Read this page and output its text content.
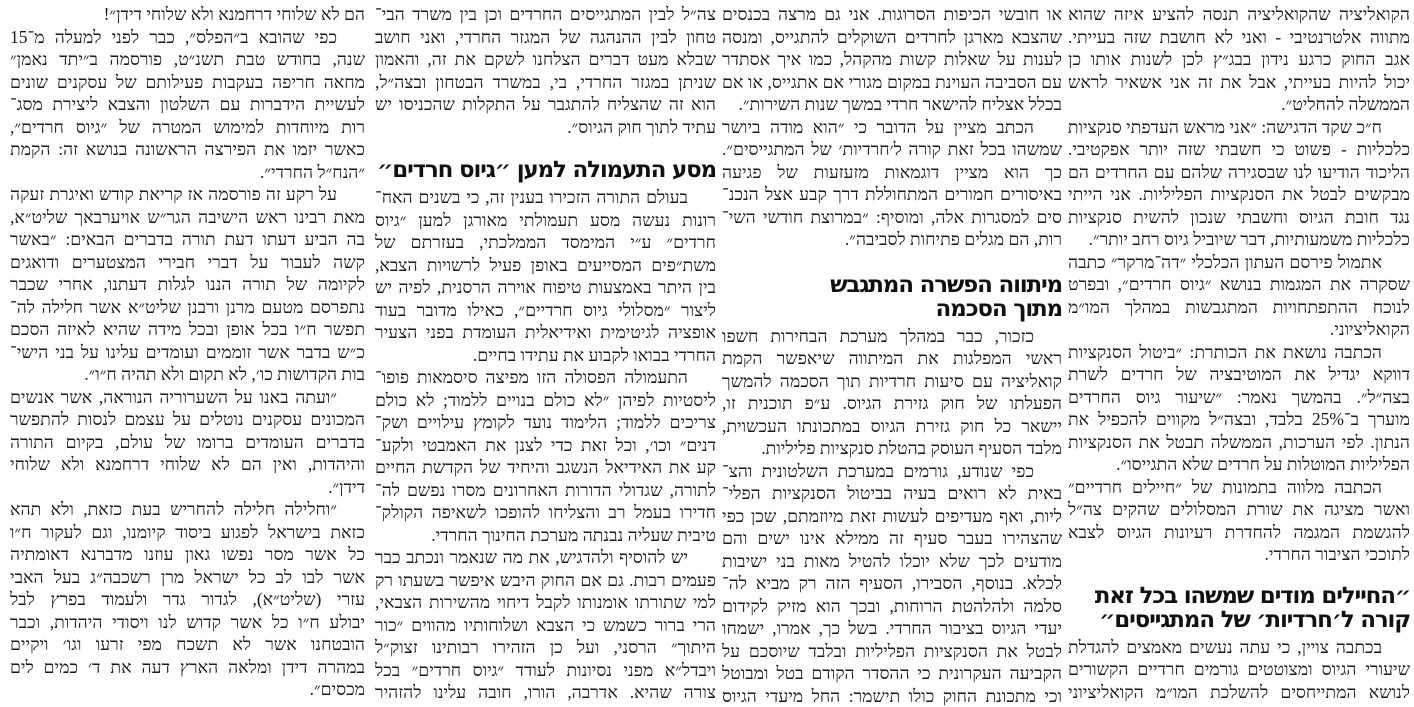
הקואליציה שהקואליציה תנסה להציע איזה שהוא
מתווה אלטרנטיבי - ואני לא חושבת שזה בעייתי.
אגב החוק כרגע נידון בבג״ץ לכן לשנות אותו כן
יכול להיות בעייתי, אבל את זה אני אשאיר לראש
הממשלה להחליט״.
ח״כ שקד הדגישה: ״אני מראש העדפתי סנקציות
כלכליות - פשוט כי חשבתי שזה יותר אפקטיבי.
הליכוד הודיעו לנו שבסגירה שלהם עם החרדים הם
מבקשים לבטל את הסנקציות הפליליות. אני הייתי
נגד חובת הגיוס וחשבתי שנכון להשית סנקציות
כלכליות משמעותיות, דבר שיוביל גיוס רחב יותר״.
אתמול פירסם העתון הכלכלי ״דה־מרקר״ כתבה
שסקרה את המגמות בנושא ״גיוס חרדים״, ובפרט
לנוכח ההתפתחויות המתגבשות במהלך המו״מ
הקואליציוני.
הכתבה נושאת את הכותרת: ״ביטול הסנקציות
דווקא יגדיל את המוטיבציה של חרדים לשרת
בצה״ל״. בהמשך נאמר: ״שיעור גיוס החרדים
מוערך ב־25% בלבד, ובצה״ל מקווים להכפיל את
הנתון. לפי הערכות, הממשלה תבטל את הסנקציות
הפליליות המוטלות על חרדים שלא התגייסו״.
הכתבה מלווה בתמונות של ״חיילים חרדיים״
ואשר מציגה את שורת המסלולים שהקים צה״ל
להגשמת המגמה להחדרת רעיונות הגיוס לצבא
לתוככי הציבור החרדי.
״החיילים מודים שמשהו בכל זאת
קורה ל׳חרדיות׳ של המתגייסים״
בכתבה צויין, כי עתה נעשים מאמצים להגדלת
שיעורי הגיוס ומצוטטים גורמים חרדיים הקשורים
לנושא המתייחסים להשלכת המו״מ הקואליציוני
או חובשי הכיפות הסרוגות. אני גם מרצה בכנסים
שהצבא מארגן לחרדים השוקלים להתגייס, ומנסה
לענות על שאלות קשות מהקהל, כמו איך אסתדר
עם הסביבה העוינת במקום מגורי אם אתגייס, או אם
בכלל אצליח להישאר חרדי במשך שנות השירות״.
הכתב מציין על הדובר כי ״הוא מודה ביושר
שמשהו בכל זאת קורה ל׳חרדיות׳ של המתגייסים״.
כך הוא מציין דוגמאות מזעזעות של פגיעה
באיסורים חמורים המתחוללת דרך קבע אצל הנכנ־
סים למסגרות אלה, ומוסיף: ״במרוצת חודשי השי־
רות, הם מגלים פתיחות לסביבה״.
מיתווה הפשרה המתגבש
מתוך הסכמה
כזכור, כבר במהלך מערכת הבחירות חשפו
ראשי המפלגות את המיתווה שיאפשר הקמת
קואליציה עם סיעות חרדיות תוך הסכמה להמשך
הפעלתו של חוק גזירת הגיוס. ע״פ תוכנית זו,
יישאר כל חוק גזירת הגיוס במתכונתו העכשוית,
מלבד הסעיף העוסק בהטלת סנקציות פליליות.
כפי שנודע, גורמים במערכת השלטונית והצ־
באית לא רואים בעיה בביטול הסנקציות הפלי־
ליות, ואף מעדיפים לעשות זאת מיוזמתם, שכן כפי
שהצהירו בעבר סעיף זה ממילא אינו ישים והם
מודעים לכך שלא יוכלו להטיל מאות בני ישיבות
לכלא. בנוסף, הסבירו, הסעיף הזה רק מביא לה־
סלמה ולהלהטת הרוחות, ובכך הוא מזיק לקידום
יעדי הגיוס בציבור החרדי. בשל כך, אמרו, ישמחו
לבטל את הסנקציות הפליליות ובלבד שיוסכם על
הקביעה העקרונית כי ההסדר הקודם בטל ומבוטל
וכי מתכונת החוק כולו תישמר: החל מיעדי הגיוס
צה״ל לבין המתגייסים החרדים וכן בין משרד הבי־
טחון לבין ההנהגה של המגזר החרדי, ואני חושב
שבלא מעט דברים הצלחנו לשקם את זה, והאמון
שניתן במגזר החרדי, בי, במשרד הבטחון ובצה״ל,
הוא זה שהצליח להתגבר על התקלות שהכניסו יש
עתיד לתוך חוק הגיוס״.
מסע התעמולה למען ״גיוס חרדים״
בעולם התורה הזכירו בענין זה, כי בשנים האח־
רונות נעשה מסע תעמולתי מאורגן למען ״גיוס
חרדים״ ע״י המימסד הממלכתי, בעזרתם של
משת״פים המסייעים באופן פעיל לרשויות הצבא,
בין היתר באמצעות טיפוח אוירה הרסנית, לפיה יש
ליצור ״מסלולי גיוס חרדיים״, כאילו מדובר בעוד
אופציה לגיטימית ואידיאלית העומדת בפני הצעיר
החרדי בבואו לקבוע את עתידו בחיים.
התעמולה הפסולה הזו מפיצה סיסמאות פופו־
ליסטיות לפיהן ״לא כולם בנויים ללמוד; לא כולם
צריכים ללמוד; הלימוד נועד לקומץ עילויים ושק־
דנים״ וכו׳, וכל זאת כדי לצנן את האמבטי ולקע־
קע את האידיאל הנשגב והיחיד של הקדשת החיים
לתורה, שגדולי הדורות האחרונים מסרו נפשם לה־
חדירו בעמל רב והצליחו להופכו לשאיפה הקולק־
טיבית שעליה נבנתה מערכת החינוך החרדי.
יש להוסיף ולהדגיש, את מה שנאמר ונכתב כבר
פעמים רבות. גם אם החוק היבש איפשר בשעתו רק
למי שתורתו אומנותו לקבל דיחוי מהשירות הצבאי,
הרי ברור כשמש כי הצבא ושלוחותיו מהווים ״כור
היתוך״ הרסני, ועל כן הזהירו רבותינו זצוק״ל
ויבדל״א מפני נסיונות לעודד ״גיוס חרדים״ בכל
צורה שהיא. אדרבה, הורו, חובה עלינו להזהיר
הם לא שלוחי דרחמנא ולא שלוחי דידן״!
כפי שהובא ב״הפלס״, כבר לפני למעלה מ־15
שנה, בחודש טבת תשנ״ט, פורסמה ב״יתד נאמן״
מחאה חריפה בעקבות פעילותם של עסקנים שונים
לעשיית הידברות עם השלטון והצבא ליצירת מסג־
רות מיוחדות למימוש המטרה של ״גיוס חרדים״,
כאשר יזמו את הפירצה הראשונה בנושא זה: הקמת
״הנח״ל החרדי״.
על רקע זה פורסמה אז קריאת קודש ואיגרת זעקה
מאת רבינו ראש הישיבה הגר״ש אויערבאך שליט״א,
בה הביע דעתו דעת תורה בדברים הבאים: ״באשר
קשה לעבור על דברי חבירי המצטערים ודואגים
לקיומה של תורה הננו לגלות דעתנו, אחרי שכבר
נתפרסם מטעם מרנן ורבנן שליט״א אשר חלילה לה־
תפשר ח״ו בכל אופן ובכל מידה שהיא לאיזה הסכם
כ״ש בדבר אשר זוממים ועומדים עלינו על בני הישי־
בות הקדושות כו׳, לא תקום ולא תהיה ח״ו״.
״ועתה באנו על השערוריה הנוראה, אשר אנשים
המכונים עסקנים נוטלים על עצמם לנסות להתפשר
בדברים העומדים ברומו של עולם, בקיום התורה
והיהדות, ואין הם לא שלוחי דרחמנא ולא שלוחי
דידן״.
״וחלילה חלילה להחריש בעת כזאת, ולא תהא
כזאת בישראל לפגוע ביסוד קיומנו, וגם לעקור ח״ו
כל אשר מסר נפשו גאון עוזנו מדברנא דאומתיה
אשר לבו לב כל ישראל מרן רשכבה״ג בעל האבי
עזרי (שליט״א), לגדור גדר ולעמוד בפרץ לבל
יבולע ח״ו כל אשר קדוש לנו ויסודי היהדות, וכבר
הובטחנו אשר לא תשכח מפי זרעו וגו׳ ויקיים
במהרה דידן ומלאה הארץ דעה את ד׳ כמים לים
מכסים״.
